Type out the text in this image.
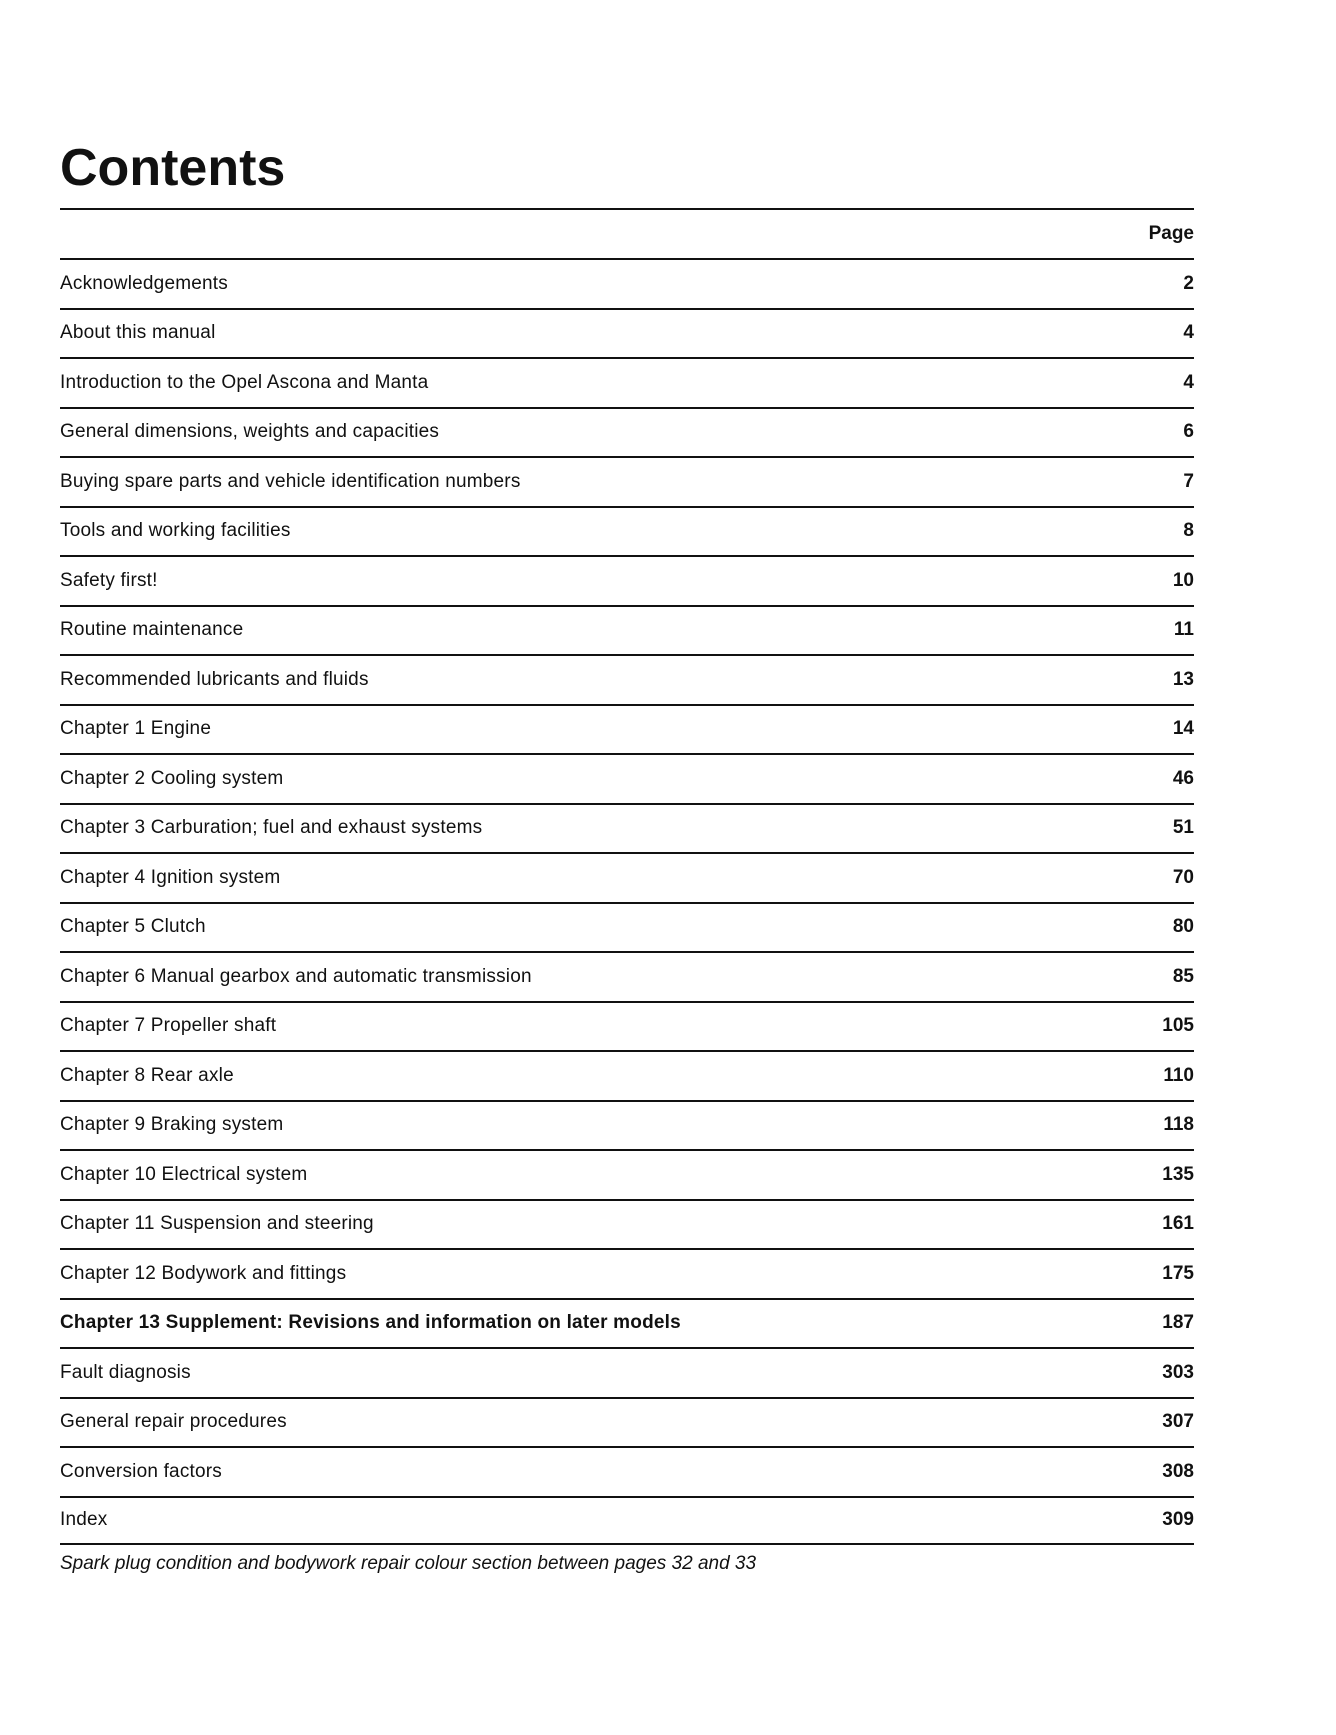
Contents
Page
Acknowledgements	2
About this manual	4
Introduction to the Opel Ascona and Manta	4
General dimensions, weights and capacities	6
Buying spare parts and vehicle identification numbers	7
Tools and working facilities	8
Safety first!	10
Routine maintenance	11
Recommended lubricants and fluids	13
Chapter 1 Engine	14
Chapter 2 Cooling system	46
Chapter 3 Carburation; fuel and exhaust systems	51
Chapter 4 Ignition system	70
Chapter 5 Clutch	80
Chapter 6 Manual gearbox and automatic transmission	85
Chapter 7 Propeller shaft	105
Chapter 8 Rear axle	110
Chapter 9 Braking system	118
Chapter 10 Electrical system	135
Chapter 11 Suspension and steering	161
Chapter 12 Bodywork and fittings	175
Chapter 13 Supplement: Revisions and information on later models	187
Fault diagnosis	303
General repair procedures	307
Conversion factors	308
Index	309
Spark plug condition and bodywork repair colour section between pages 32 and 33
